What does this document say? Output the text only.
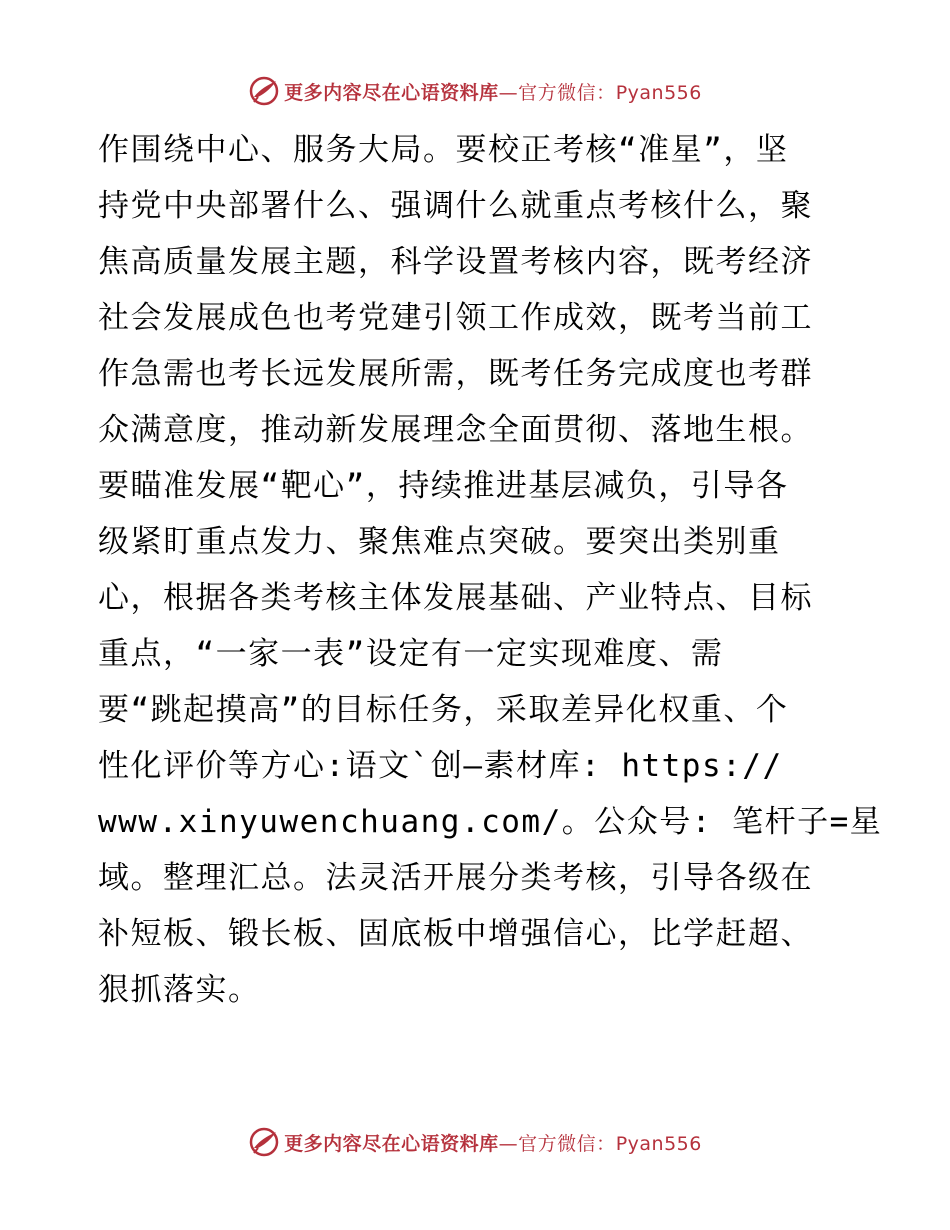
更多内容尽在心语资料库—官方微信：Pyan556
作围绕中心、服务大局。要校正考核“准星”，坚
持党中央部署什么、强调什么就重点考核什么，聚
焦高质量发展主题，科学设置考核内容，既考经济
社会发展成色也考党建引领工作成效，既考当前工
作急需也考长远发展所需，既考任务完成度也考群
众满意度，推动新发展理念全面贯彻、落地生根。
要瞄准发展“靶心”，持续推进基层减负，引导各
级紧盯重点发力、聚焦难点突破。要突出类别重
心，根据各类考核主体发展基础、产业特点、目标
重点，“一家一表”设定有一定实现难度、需
要“跳起摸高”的目标任务，采取差异化权重、个
性化评价等方心:语文`创—素材库: https://
www.xinyuwenchuang.com/。公众号: 笔杆子=星
域。整理汇总。法灵活开展分类考核，引导各级在
补短板、锻长板、固底板中增强信心，比学赶超、
狠抓落实。
更多内容尽在心语资料库—官方微信：Pyan556
